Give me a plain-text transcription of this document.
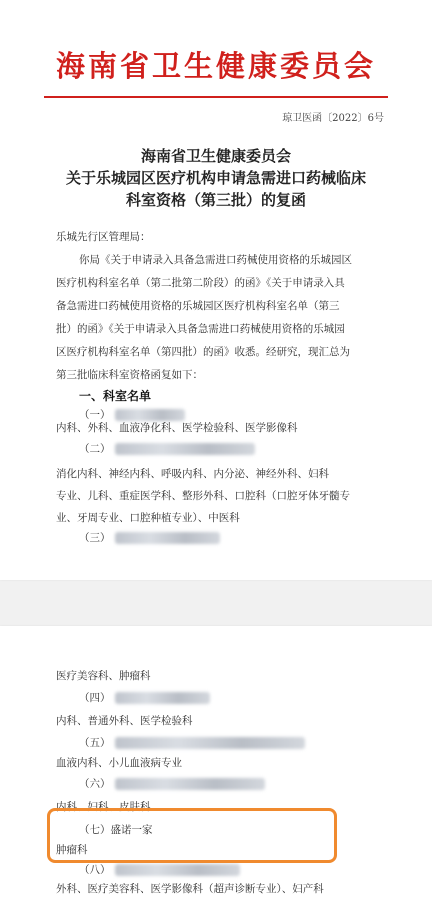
海南省卫生健康委员会
琼卫医函〔2022〕6号
海南省卫生健康委员会
关于乐城园区医疗机构申请急需进口药械临床
科室资格（第三批）的复函
乐城先行区管理局：
你局《关于申请录入具备急需进口药械使用资格的乐城园区
医疗机构科室名单（第二批第二阶段）的函》《关于申请录入具
备急需进口药械使用资格的乐城园区医疗机构科室名单（第三
批）的函》《关于申请录入具备急需进口药械使用资格的乐城园
区医疗机构科室名单（第四批）的函》收悉。经研究，现汇总为
第三批临床科室资格函复如下：
一、科室名单
（一）
内科、外科、血液净化科、医学检验科、医学影像科
（二）
消化内科、神经内科、呼吸内科、内分泌、神经外科、妇科
专业、儿科、重症医学科、整形外科、口腔科（口腔牙体牙髓专
业、牙周专业、口腔种植专业）、中医科
（三）
医疗美容科、肿瘤科
（四）
内科、普通外科、医学检验科
（五）
血液内科、小儿血液病专业
（六）
内科、妇科、皮肤科
（七）盛诺一家
肿瘤科
（八）
外科、医疗美容科、医学影像科（超声诊断专业）、妇产科
